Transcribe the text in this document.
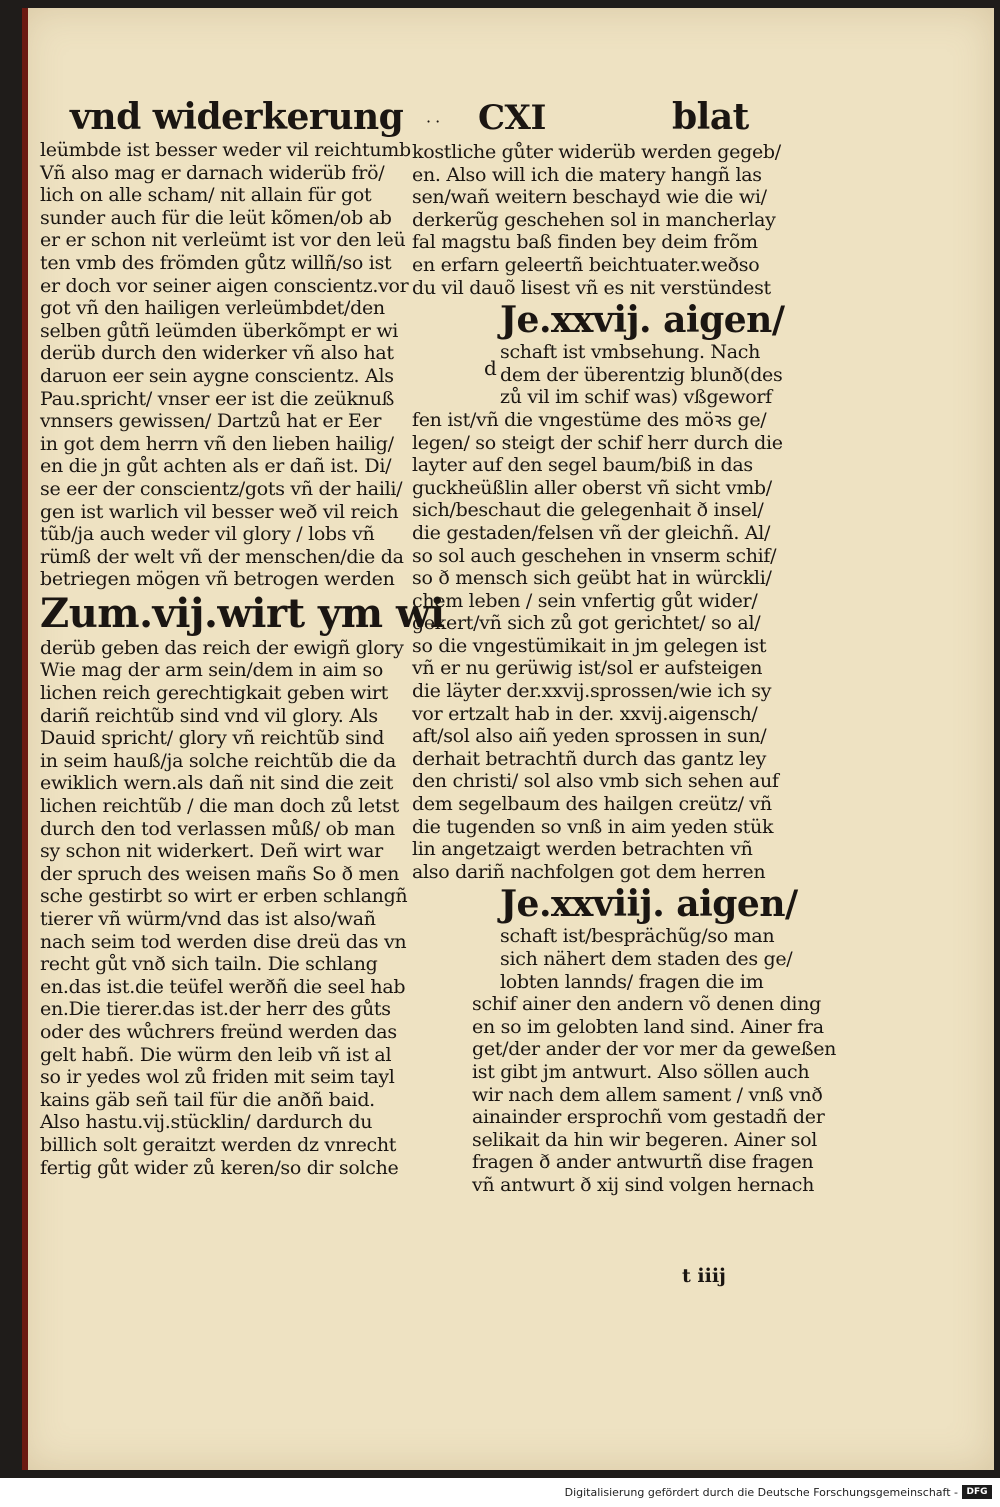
vnd widerkerung · · CXI	blat
leümbde ist besser weder vil reichtumb
Vñ also mag er darnach widerüb frö/
lich on alle scham/ nit allain für got
sunder auch für die leüt kõmen/ob ab
er er schon nit verleümt ist vor den leü
ten vmb des frömden gůtz willñ/so ist
er doch vor seiner aigen conscientz.vor
got vñ den hailigen verleümbdet/den
selben gůtñ leümden überkõmpt er wi
derüb durch den widerker vñ also hat
daruon eer sein aygne conscientz. Als
Pau.spricht/ vnser eer ist die zeüknuß
vnnsers gewissen/ Dartzů hat er Eer
in got dem herrn vñ den lieben hailig/
en die jn gůt achten als er dañ ist. Di/
se eer der conscientz/gots vñ der haili/
gen ist warlich vil besser weð vil reich
tũb/ja auch weder vil glory / lobs vñ
rümß der welt vñ der menschen/die da
betriegen mögen vñ betrogen werden
Zum.vij.wirt ym wi
derüb geben das reich der ewigñ glory
Wie mag der arm sein/dem in aim so
lichen reich gerechtigkait geben wirt
dariñ reichtũb sind vnd vil glory. Als
Dauid spricht/ glory vñ reichtũb sind
in seim hauß/ja solche reichtũb die da
ewiklich wern.als dañ nit sind die zeit
lichen reichtũb / die man doch zů letst
durch den tod verlassen můß/ ob man
sy schon nit widerkert. Deñ wirt war
der spruch des weisen mañs So ð men
sche gestirbt so wirt er erben schlangñ
tierer vñ würm/vnd das ist also/wañ
nach seim tod werden dise dreü das vn
recht gůt vnð sich tailn. Die schlang
en.das ist.die teüfel werðñ die seel hab
en.Die tierer.das ist.der herr des gůts
oder des wůchrers freünd werden das
gelt habñ. Die würm den leib vñ ist al
so ir yedes wol zů friden mit seim tayl
kains gäb señ tail für die anðñ baid.
Also hastu.vij.stücklin/ dardurch du
billich solt geraitzt werden dz vnrecht
fertig gůt wider zů keren/so dir solche
kostliche gůter widerüb werden gegeb/
en. Also will ich die matery hangñ las
sen/wañ weitern beschayd wie die wi/
derkerũg geschehen sol in mancherlay
fal magstu baß finden bey deim frõm
en erfarn geleertñ beichtuater.weðso
du vil dauõ lisest vñ es nit verstündest
Je.xxvij. aigen/
schaft ist vmbsehung. Nach
dem der überentzig blunð(des
zů vil im schif was) vßgeworf
fen ist/vñ die vngestüme des möꝛs ge/
legen/ so steigt der schif herr durch die
layter auf den segel baum/biß in das
guckheüßlin aller oberst vñ sicht vmb/
sich/beschaut die gelegenhait ð insel/
die gestaden/felsen vñ der gleichñ. Al/
so sol auch geschehen in vnserm schif/
so ð mensch sich geübt hat in würckli/
chem leben / sein vnfertig gůt wider/
gekert/vñ sich zů got gerichtet/ so al/
so die vngestümikait in jm gelegen ist
vñ er nu gerüwig ist/sol er aufsteigen
die läyter der.xxvij.sprossen/wie ich sy
vor ertzalt hab in der. xxvij.aigensch/
aft/sol also aiñ yeden sprossen in sun/
derhait betrachtñ durch das gantz ley
den christi/ sol also vmb sich sehen auf
dem segelbaum des hailgen creütz/ vñ
die tugenden so vnß in aim yeden stük
lin angetzaigt werden betrachten vñ
also dariñ nachfolgen got dem herren
Je.xxviij. aigen/
schaft ist/besprächũg/so man
sich nähert dem staden des ge/
lobten lannds/ fragen die im
schif ainer den andern võ denen ding
en so im gelobten land sind. Ainer fra
get/der ander der vor mer da geweßen
ist gibt jm antwurt. Also söllen auch
wir nach dem allem sament / vnß vnð
ainainder ersprochñ vom gestadñ der
selikait da hin wir begeren. Ainer sol
fragen ð ander antwurtñ dise fragen
vñ antwurt ð xij sind volgen hernach
d
t iiij
Digitalisierung gefördert durch die Deutsche Forschungsgemeinschaft - DFG
